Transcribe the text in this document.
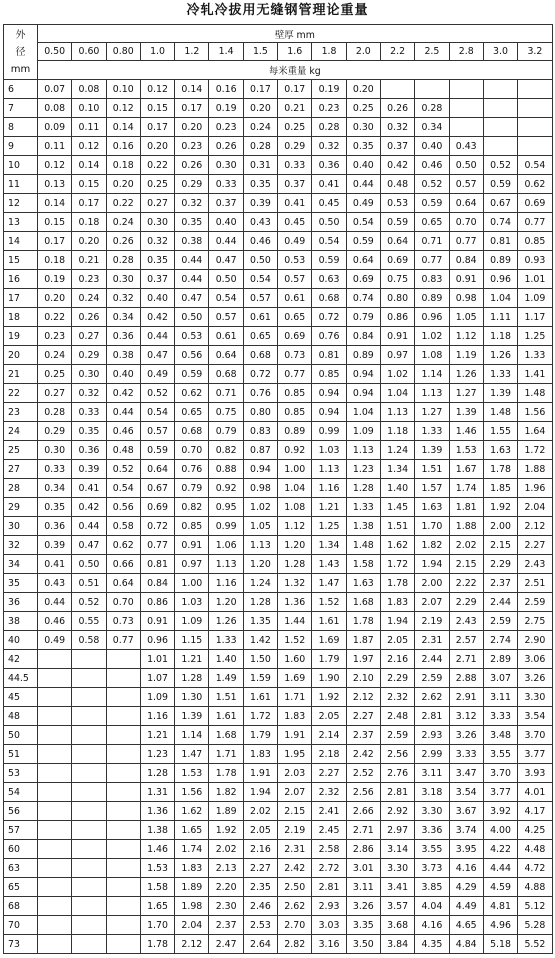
冷轧冷拔用无缝钢管理论重量
外
径
mm	壁厚 mm														
	0.50	0.60	0.80	1.0	1.2	1.4	1.5	1.6	1.8	2.0	2.2	2.5	2.8	3.0	3.2
	每米重量 kg														
6	0.07	0.08	0.10	0.12	0.14	0.16	0.17	0.17	0.19	0.20					
7	0.08	0.10	0.12	0.15	0.17	0.19	0.20	0.21	0.23	0.25	0.26	0.28			
8	0.09	0.11	0.14	0.17	0.20	0.23	0.24	0.25	0.28	0.30	0.32	0.34			
9	0.11	0.12	0.16	0.20	0.23	0.26	0.28	0.29	0.32	0.35	0.37	0.40	0.43		
10	0.12	0.14	0.18	0.22	0.26	0.30	0.31	0.33	0.36	0.40	0.42	0.46	0.50	0.52	0.54
11	0.13	0.15	0.20	0.25	0.29	0.33	0.35	0.37	0.41	0.44	0.48	0.52	0.57	0.59	0.62
12	0.14	0.17	0.22	0.27	0.32	0.37	0.39	0.41	0.45	0.49	0.53	0.59	0.64	0.67	0.69
13	0.15	0.18	0.24	0.30	0.35	0.40	0.43	0.45	0.50	0.54	0.59	0.65	0.70	0.74	0.77
14	0.17	0.20	0.26	0.32	0.38	0.44	0.46	0.49	0.54	0.59	0.64	0.71	0.77	0.81	0.85
15	0.18	0.21	0.28	0.35	0.44	0.47	0.50	0.53	0.59	0.64	0.69	0.77	0.84	0.89	0.93
16	0.19	0.23	0.30	0.37	0.44	0.50	0.54	0.57	0.63	0.69	0.75	0.83	0.91	0.96	1.01
17	0.20	0.24	0.32	0.40	0.47	0.54	0.57	0.61	0.68	0.74	0.80	0.89	0.98	1.04	1.09
18	0.22	0.26	0.34	0.42	0.50	0.57	0.61	0.65	0.72	0.79	0.86	0.96	1.05	1.11	1.17
19	0.23	0.27	0.36	0.44	0.53	0.61	0.65	0.69	0.76	0.84	0.91	1.02	1.12	1.18	1.25
20	0.24	0.29	0.38	0.47	0.56	0.64	0.68	0.73	0.81	0.89	0.97	1.08	1.19	1.26	1.33
21	0.25	0.30	0.40	0.49	0.59	0.68	0.72	0.77	0.85	0.94	1.02	1.14	1.26	1.33	1.41
22	0.27	0.32	0.42	0.52	0.62	0.71	0.76	0.85	0.94	0.94	1.04	1.13	1.27	1.39	1.48
23	0.28	0.33	0.44	0.54	0.65	0.75	0.80	0.85	0.94	1.04	1.13	1.27	1.39	1.48	1.56
24	0.29	0.35	0.46	0.57	0.68	0.79	0.83	0.89	0.99	1.09	1.18	1.33	1.46	1.55	1.64
25	0.30	0.36	0.48	0.59	0.70	0.82	0.87	0.92	1.03	1.13	1.24	1.39	1.53	1.63	1.72
27	0.33	0.39	0.52	0.64	0.76	0.88	0.94	1.00	1.13	1.23	1.34	1.51	1.67	1.78	1.88
28	0.34	0.41	0.54	0.67	0.79	0.92	0.98	1.04	1.16	1.28	1.40	1.57	1.74	1.85	1.96
29	0.35	0.42	0.56	0.69	0.82	0.95	1.02	1.08	1.21	1.33	1.45	1.63	1.81	1.92	2.04
30	0.36	0.44	0.58	0.72	0.85	0.99	1.05	1.12	1.25	1.38	1.51	1.70	1.88	2.00	2.12
32	0.39	0.47	0.62	0.77	0.91	1.06	1.13	1.20	1.34	1.48	1.62	1.82	2.02	2.15	2.27
34	0.41	0.50	0.66	0.81	0.97	1.13	1.20	1.28	1.43	1.58	1.72	1.94	2.15	2.29	2.43
35	0.43	0.51	0.64	0.84	1.00	1.16	1.24	1.32	1.47	1.63	1.78	2.00	2.22	2.37	2.51
36	0.44	0.52	0.70	0.86	1.03	1.20	1.28	1.36	1.52	1.68	1.83	2.07	2.29	2.44	2.59
38	0.46	0.55	0.73	0.91	1.09	1.26	1.35	1.44	1.61	1.78	1.94	2.19	2.43	2.59	2.75
40	0.49	0.58	0.77	0.96	1.15	1.33	1.42	1.52	1.69	1.87	2.05	2.31	2.57	2.74	2.90
42				1.01	1.21	1.40	1.50	1.60	1.79	1.97	2.16	2.44	2.71	2.89	3.06
44.5				1.07	1.28	1.49	1.59	1.69	1.90	2.10	2.29	2.59	2.88	3.07	3.26
45				1.09	1.30	1.51	1.61	1.71	1.92	2.12	2.32	2.62	2.91	3.11	3.30
48				1.16	1.39	1.61	1.72	1.83	2.05	2.27	2.48	2.81	3.12	3.33	3.54
50				1.21	1.14	1.68	1.79	1.91	2.14	2.37	2.59	2.93	3.26	3.48	3.70
51				1.23	1.47	1.71	1.83	1.95	2.18	2.42	2.56	2.99	3.33	3.55	3.77
53				1.28	1.53	1.78	1.91	2.03	2.27	2.52	2.76	3.11	3.47	3.70	3.93
54				1.31	1.56	1.82	1.94	2.07	2.32	2.56	2.81	3.18	3.54	3.77	4.01
56				1.36	1.62	1.89	2.02	2.15	2.41	2.66	2.92	3.30	3.67	3.92	4.17
57				1.38	1.65	1.92	2.05	2.19	2.45	2.71	2.97	3.36	3.74	4.00	4.25
60				1.46	1.74	2.02	2.16	2.31	2.58	2.86	3.14	3.55	3.95	4.22	4.48
63				1.53	1.83	2.13	2.27	2.42	2.72	3.01	3.30	3.73	4.16	4.44	4.72
65				1.58	1.89	2.20	2.35	2.50	2.81	3.11	3.41	3.85	4.29	4.59	4.88
68				1.65	1.98	2.30	2.46	2.62	2.93	3.26	3.57	4.04	4.49	4.81	5.12
70				1.70	2.04	2.37	2.53	2.70	3.03	3.35	3.68	4.16	4.65	4.96	5.28
73				1.78	2.12	2.47	2.64	2.82	3.16	3.50	3.84	4.35	4.84	5.18	5.52
